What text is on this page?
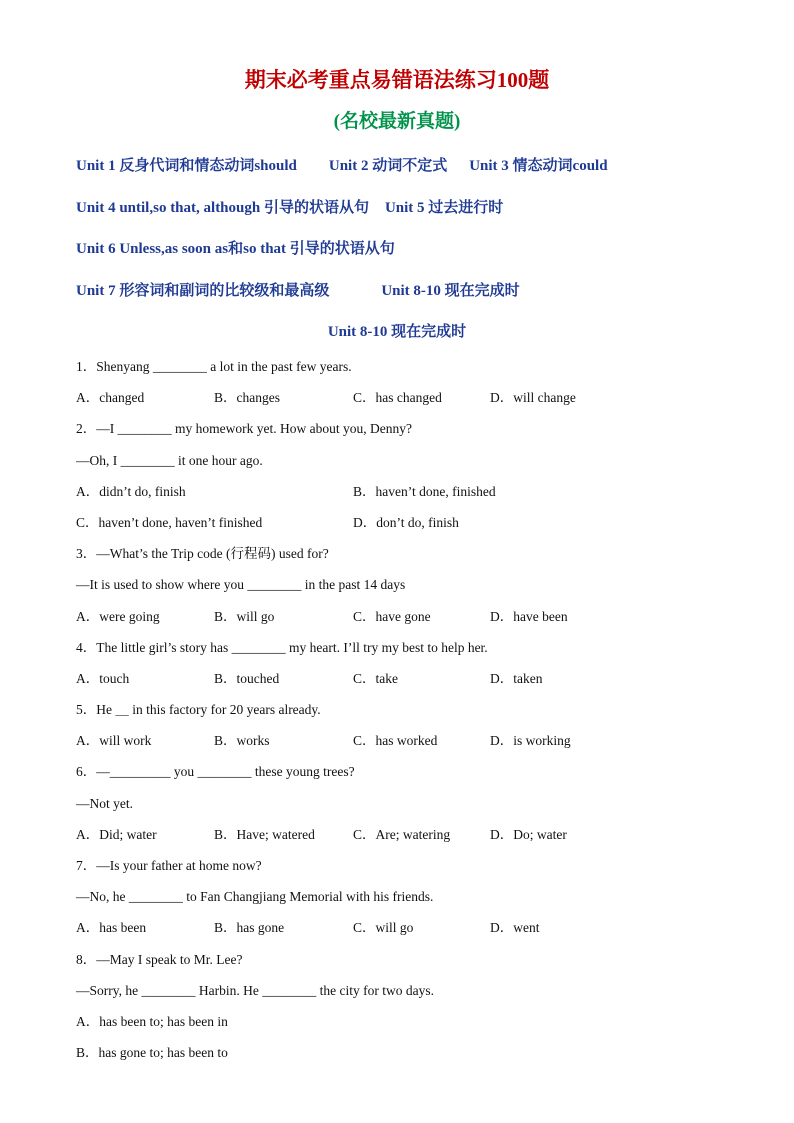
期末必考重点易错语法练习100题
(名校最新真题)
Unit 1 反身代词和情态动词should Unit 2 动词不定式 Unit 3 情态动词could
Unit 4 until,so that, although 引导的状语从句 Unit 5 过去进行时
Unit 6 Unless,as soon as和so that 引导的状语从句
Unit 7 形容词和副词的比较级和最高级	Unit 8-10 现在完成时
Unit 8-10 现在完成时
1．Shenyang ________ a lot in the past few years.
A．changed	B．changes	C．has changed	D．will change
2．—I ________ my homework yet. How about you, Denny?
—Oh, I ________ it one hour ago.
A．didn’t do, finish	B．haven’t done, finished
C．haven’t done, haven’t finished	D．don’t do, finish
3．—What’s the Trip code (行程码) used for?
—It is used to show where you ________ in the past 14 days
A．were going	B．will go	C．have gone	D．have been
4．The little girl’s story has ________ my heart. I’ll try my best to help her.
A．touch	B．touched	C．take	D．taken
5．He ＿ in this factory for 20 years already.
A．will work	B．works	C．has worked	D．is working
6．—_________ you ________ these young trees?
—Not yet.
A．Did; water	B．Have; watered	C．Are; watering	D．Do; water
7．—Is your father at home now?
—No, he ________ to Fan Changjiang Memorial with his friends.
A．has been	B．has gone	C．will go	D．went
8．—May I speak to Mr. Lee?
—Sorry, he ________ Harbin. He ________ the city for two days.
A．has been to; has been in
B．has gone to; has been to
